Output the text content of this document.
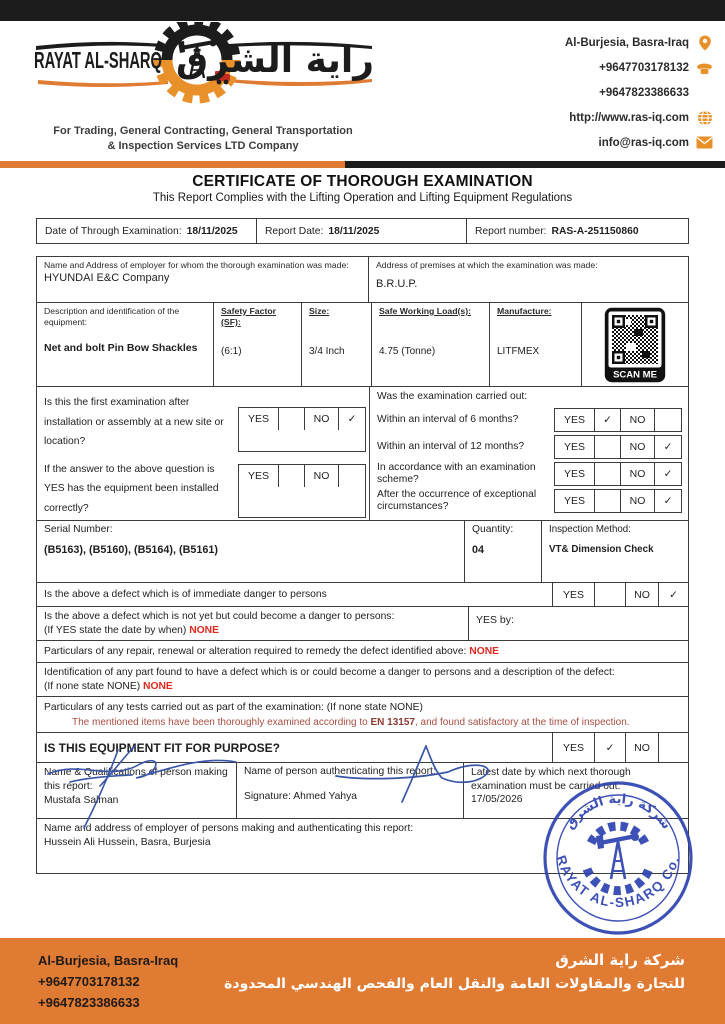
RAYAT AL-SHARQ راية الشرق
For Trading, General Contracting, General Transportation
& Inspection Services LTD Company
Al-Burjesia, Basra-Iraq
+9647703178132
+9647823386633
http://www.ras-iq.com
info@ras-iq.com
CERTIFICATE OF THOROUGH EXAMINATION
This Report Complies with the Lifting Operation and Lifting Equipment Regulations
Date of Through Examination: 18/11/2025	Report Date: 18/11/2025	Report number: RAS-A-251150860
Name and Address of employer for whom the thorough examination was made:
HYUNDAI E&C Company
Address of premises at which the examination was made:
B.R.U.P.
Description and identification of the equipment:
Net and bolt Pin Bow Shackles
Safety Factor (SF):
(6:1)
Size:
3/4 Inch
Safe Working Load(s):
4.75 (Tonne)
Manufacture:
LITFMEX
SCAN ME
Is this the first examination after installation or assembly at a new site or location?
YES	NO	✓
If the answer to the above question is YES has the equipment been installed correctly?
YES	NO
Was the examination carried out:
Within an interval of 6 months?	YES	✓	NO
Within an interval of 12 months?	YES	NO	✓
In accordance with an examination scheme?	YES	NO	✓
After the occurrence of exceptional circumstances?	YES	NO	✓
Serial Number:
(B5163), (B5160), (B5164), (B5161)
Quantity:
04
Inspection Method:
VT& Dimension Check
Is the above a defect which is of immediate danger to persons	YES	NO	✓
Is the above a defect which is not yet but could become a danger to persons:
(If YES state the date by when) NONE
YES by:
Particulars of any repair, renewal or alteration required to remedy the defect identified above:
NONE
Identification of any part found to have a defect which is or could become a danger to persons and a description of the defect:
(If none state NONE) NONE
Particulars of any tests carried out as part of the examination: (If none state NONE)
The mentioned items have been thoroughly examined according to EN 13157, and found satisfactory at the time of inspection.
IS THIS EQUIPMENT FIT FOR PURPOSE?	YES	✓	NO
Name & Qualifications of person making this report:
Mustafa Salman
Name of person authenticating this report:
Signature: Ahmed Yahya
Latest date by which next thorough examination must be carried out:
17/05/2026
Name and address of employer of persons making and authenticating this report:
Hussein Ali Hussein, Basra, Burjesia
شركة راية الشرق
RAYAT AL-SHARQ Co.
Al-Burjesia, Basra-Iraq
+9647703178132
+9647823386633
شركة راية الشرق
للتجارة والمقاولات العامة والنقل العام والفحص الهندسي المحدودة
